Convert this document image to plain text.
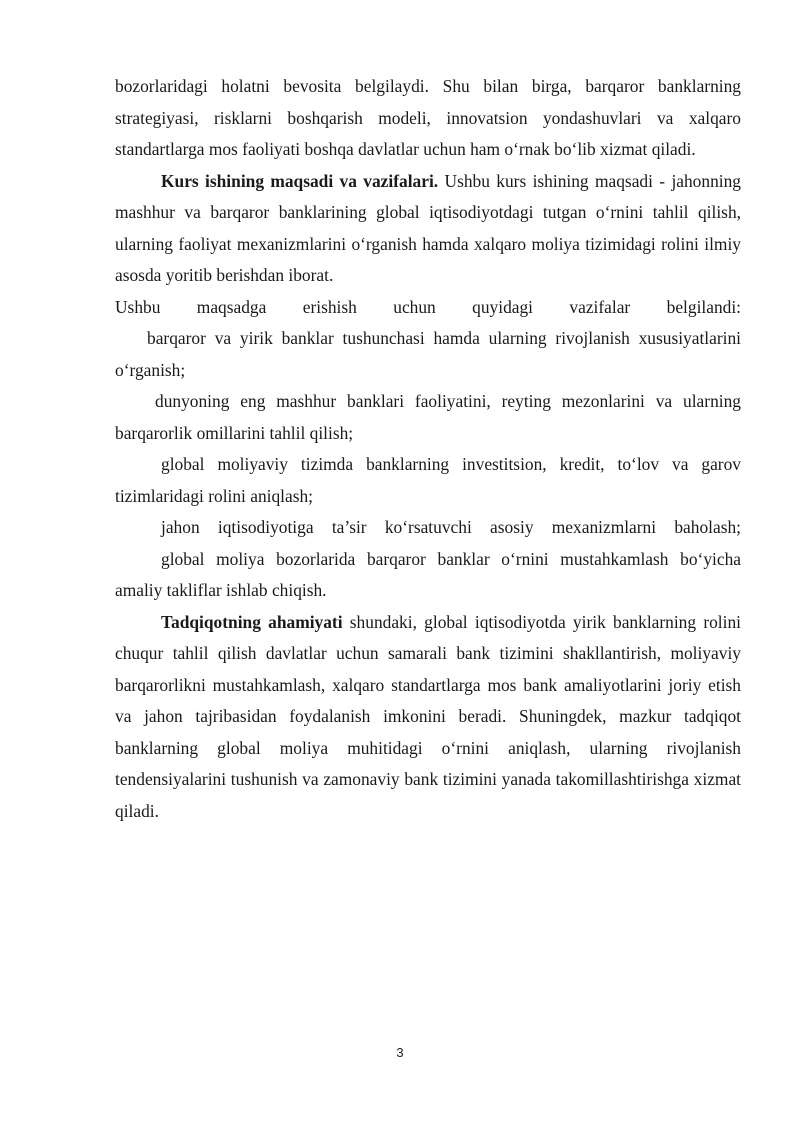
bozorlaridagi holatni bevosita belgilaydi. Shu bilan birga, barqaror banklarning strategiyasi, risklarni boshqarish modeli, innovatsion yondashuvlari va xalqaro standartlarga mos faoliyati boshqa davlatlar uchun ham o‘rnak bo‘lib xizmat qiladi.

Kurs ishining maqsadi va vazifalari. Ushbu kurs ishining maqsadi - jahonning mashhur va barqaror banklarining global iqtisodiyotdagi tutgan o‘rnini tahlil qilish, ularning faoliyat mexanizmlarini o‘rganish hamda xalqaro moliya tizimidagi rolini ilmiy asosda yoritib berishdan iborat.

Ushbu maqsadga erishish uchun quyidagi vazifalar belgilandi:

barqaror va yirik banklar tushunchasi hamda ularning rivojlanish xususiyatlarini o‘rganish;

dunyoning eng mashhur banklari faoliyatini, reyting mezonlarini va ularning barqarorlik omillarini tahlil qilish;

global moliyaviy tizimda banklarning investitsion, kredit, to‘lov va garov tizimlaridagi rolini aniqlash;

jahon iqtisodiyotiga ta’sir ko‘rsatuvchi asosiy mexanizmlarni baholash;

global moliya bozorlarida barqaror banklar o‘rnini mustahkamlash bo‘yicha amaliy takliflar ishlab chiqish.

Tadqiqotning ahamiyati shundaki, global iqtisodiyotda yirik banklarning rolini chuqur tahlil qilish davlatlar uchun samarali bank tizimini shakllantirish, moliyaviy barqarorlikni mustahkamlash, xalqaro standartlarga mos bank amaliyotlarini joriy etish va jahon tajribasidan foydalanish imkonini beradi. Shuningdek, mazkur tadqiqot banklarning global moliya muhitidagi o‘rnini aniqlash, ularning rivojlanish tendensiyalarini tushunish va zamonaviy bank tizimini yanada takomillashtirishga xizmat qiladi.

3
